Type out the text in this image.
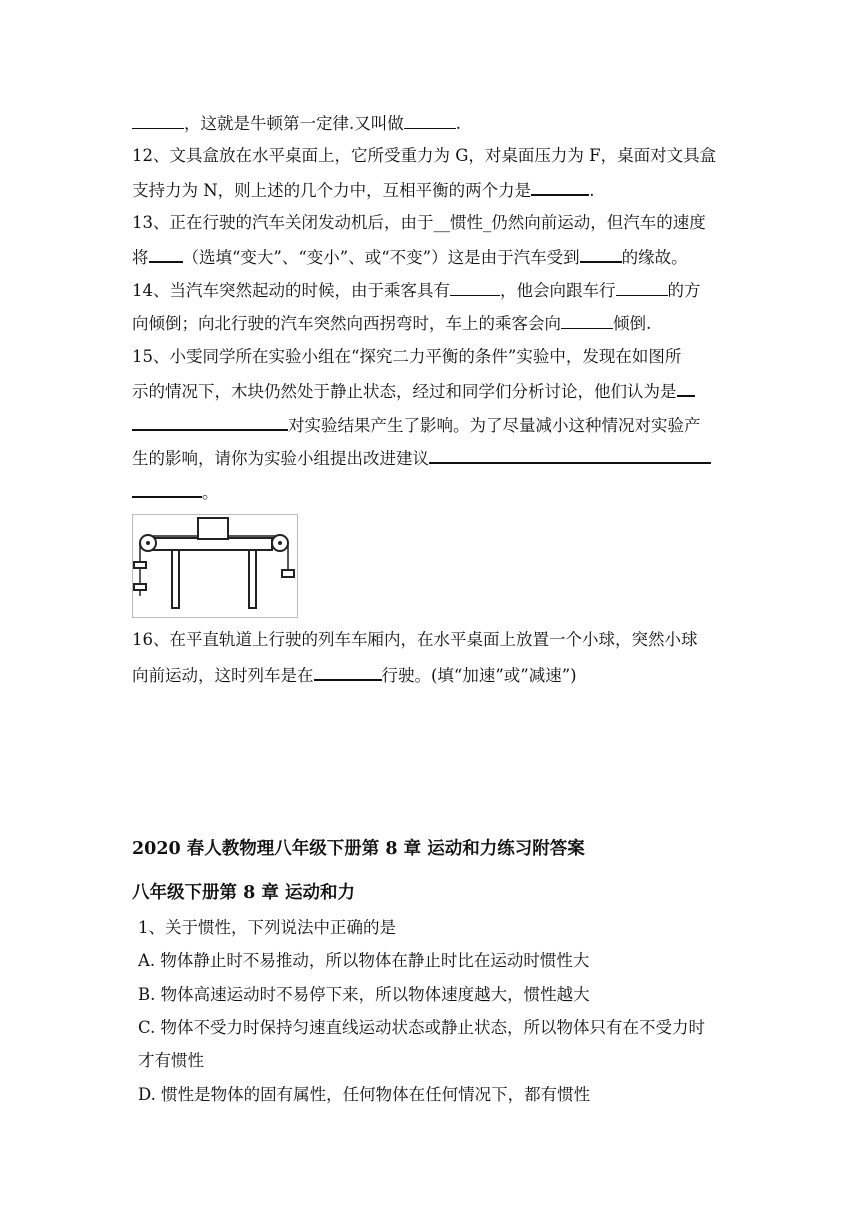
，这就是牛顿第一定律.又叫做	.
12、文具盒放在水平桌面上，它所受重力为 G，对桌面压力为 F，桌面对文具盒
支持力为 N，则上述的几个力中，互相平衡的两个力是	.
13、正在行驶的汽车关闭发动机后，由于__惯性_仍然向前运动，但汽车的速度
将 （选填“变大”、“变小”、或“不变”）这是由于汽车受到	的缘故。
14、当汽车突然起动的时候，由于乘客具有	，他会向跟车行	的方
向倾倒；向北行驶的汽车突然向西拐弯时，车上的乘客会向	倾倒.
15、小雯同学所在实验小组在“探究二力平衡的条件”实验中，发现在如图所
示的情况下，木块仍然处于静止状态，经过和同学们分析讨论，他们认为是
对实验结果产生了影响。为了尽量减小这种情况对实验产
生的影响，请你为实验小组提出改进建议
。
16、在平直轨道上行驶的列车车厢内，在水平桌面上放置一个小球，突然小球
向前运动，这时列车是在	行驶。(填“加速”或”减速”)
2020 春人教物理八年级下册第 8 章 运动和力练习附答案
八年级下册第 8 章 运动和力
1、关于惯性，下列说法中正确的是
A. 物体静止时不易推动，所以物体在静止时比在运动时惯性大
B. 物体高速运动时不易停下来，所以物体速度越大，惯性越大
C. 物体不受力时保持匀速直线运动状态或静止状态，所以物体只有在不受力时
才有惯性
D. 惯性是物体的固有属性，任何物体在任何情况下，都有惯性
